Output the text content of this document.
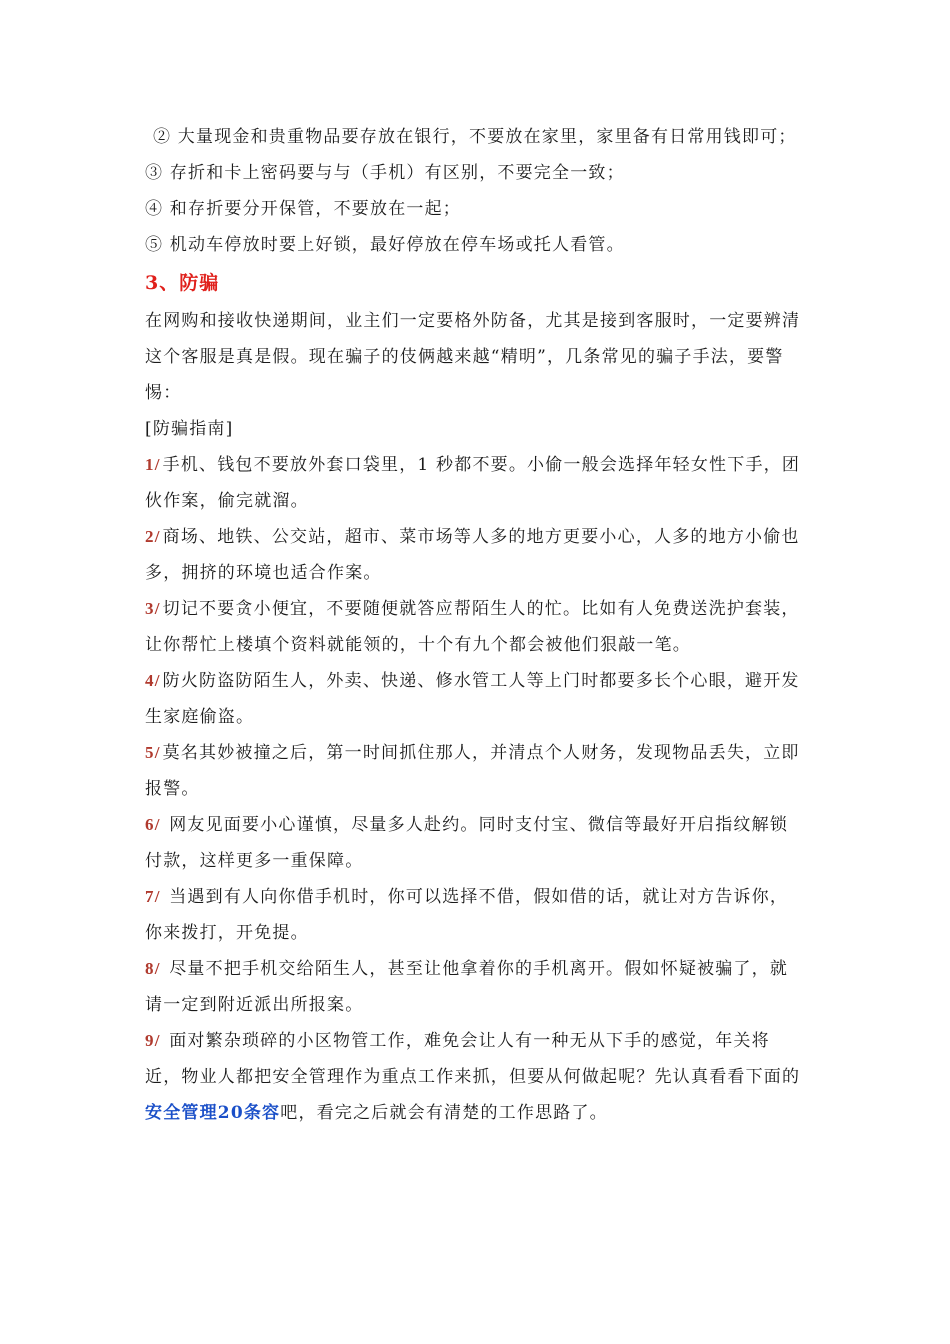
② 大量现金和贵重物品要存放在银行，不要放在家里，家里备有日常用钱即可；

③ 存折和卡上密码要与与（手机）有区别，不要完全一致；

④ 和存折要分开保管，不要放在一起；

⑤ 机动车停放时要上好锁，最好停放在停车场或托人看管。

3、防骗

在网购和接收快递期间，业主们一定要格外防备，尤其是接到客服时，一定要辨清这个客服是真是假。现在骗子的伎俩越来越“精明”，几条常见的骗子手法，要警惕：

[防骗指南]

1/ 手机、钱包不要放外套口袋里，1 秒都不要。小偷一般会选择年轻女性下手，团伙作案，偷完就溜。

2/ 商场、地铁、公交站，超市、菜市场等人多的地方更要小心，人多的地方小偷也多，拥挤的环境也适合作案。

3/ 切记不要贪小便宜，不要随便就答应帮陌生人的忙。比如有人免费送洗护套装，让你帮忙上楼填个资料就能领的，十个有九个都会被他们狠敲一笔。

4/ 防火防盗防陌生人，外卖、快递、修水管工人等上门时都要多长个心眼，避开发生家庭偷盗。

5/ 莫名其妙被撞之后，第一时间抓住那人，并清点个人财务，发现物品丢失，立即报警。

6/ 网友见面要小心谨慎，尽量多人赴约。同时支付宝、微信等最好开启指纹解锁付款，这样更多一重保障。

7/ 当遇到有人向你借手机时，你可以选择不借，假如借的话，就让对方告诉你，你来拨打，开免提。

8/ 尽量不把手机交给陌生人，甚至让他拿着你的手机离开。假如怀疑被骗了，就请一定到附近派出所报案。

9/ 面对繁杂琐碎的小区物管工作，难免会让人有一种无从下手的感觉，年关将近，物业人都把安全管理作为重点工作来抓，但要从何做起呢？先认真看看下面的安全管理20条容吧，看完之后就会有清楚的工作思路了。
